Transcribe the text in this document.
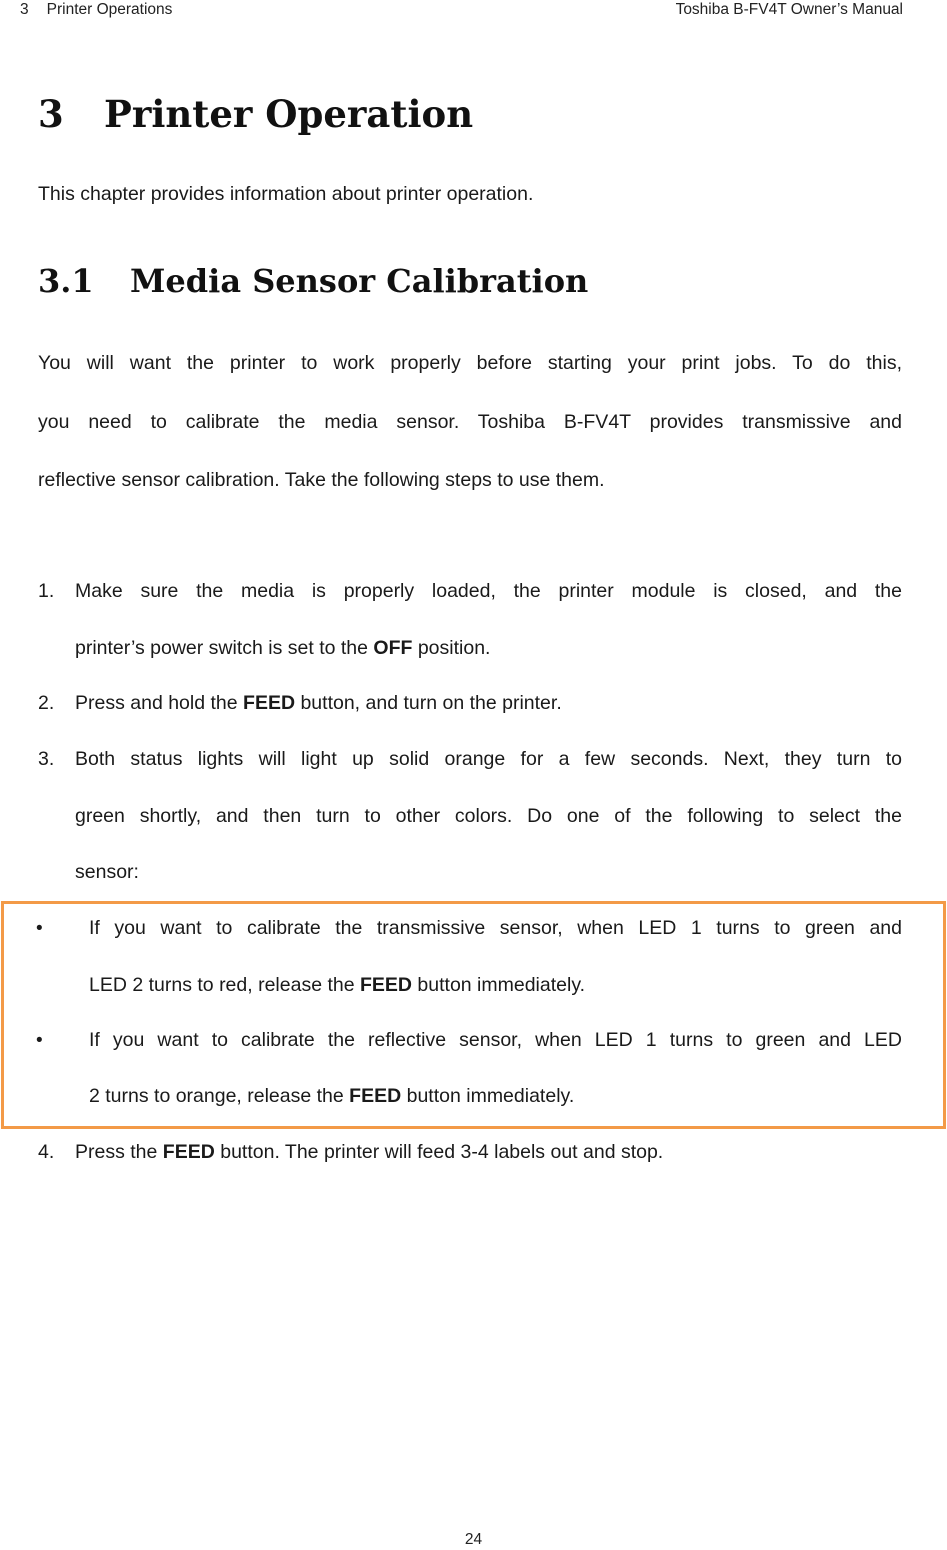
3 Printer Operations	Toshiba B-FV4T Owner’s Manual
3 Printer Operation
This chapter provides information about printer operation.
3.1 Media Sensor Calibration
You will want the printer to work properly before starting your print jobs. To do this,
you need to calibrate the media sensor. Toshiba B-FV4T provides transmissive and
reflective sensor calibration. Take the following steps to use them.
1. Make sure the media is properly loaded, the printer module is closed, and the
printer’s power switch is set to the OFF position.
2. Press and hold the FEED button, and turn on the printer.
3. Both status lights will light up solid orange for a few seconds. Next, they turn to
green shortly, and then turn to other colors. Do one of the following to select the
sensor:
• If you want to calibrate the transmissive sensor, when LED 1 turns to green and
LED 2 turns to red, release the FEED button immediately.
• If you want to calibrate the reflective sensor, when LED 1 turns to green and LED
2 turns to orange, release the FEED button immediately.
4. Press the FEED button. The printer will feed 3-4 labels out and stop.
24
